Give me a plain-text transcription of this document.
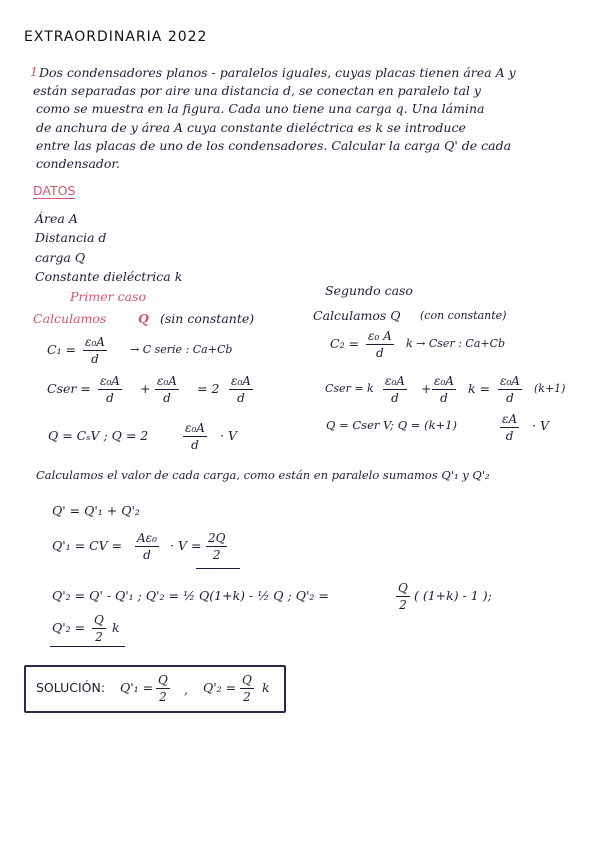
EXTRAORDINARIA 2022
1 Dos condensadores planos - paralelos iguales, cuyas placas tienen área A y
están separadas por aire una distancia d, se conectan en paralelo tal y
como se muestra en la figura. Cada uno tiene una carga q. Una lámina
de anchura de y área A cuya constante dieléctrica es k se introduce
entre las placas de uno de los condensadores. Calcular la carga Q' de cada
condensador.
DATOS
Área A
Distancia d
carga Q
Constante dieléctrica k
Primer caso
Calculamos	Q (sin constante)
$C_1 = \frac{\text{ε₀A}}{d} \to C$ serie : Ca+Cb
Cser = $\frac{\text{ε₀A}}{d} + \frac{\text{ε₀A}}{d} = 2 \frac{\text{ε₀A}}{d}$
Q = CₛV ; Q = 2	$\frac{\text{ε₀A}}{d} \cdot V$
Segundo caso
Calculamos Q (con constante)
$C_2 = \frac{\text{ε₀ A}}{d}$ k → Cser : Ca+Cb
Cser = k $\frac{\text{ε₀A}}{d} + \frac{\text{ε₀A}}{d}$ $k = \frac{\text{ε₀A}}{d} (k+1)$
Q = Cser V; Q = (k+1)	$\frac{\varepsilon A}{d} \cdot V$
Calculamos el valor de cada carga, como están en paralelo sumamos Q'₁ y Q'₂
Q' = Q'₁ + Q'₂
Q'₁ = CV = $\frac{\text{Aε₀}}{d} \cdot V = \frac{2Q}{2}$
Q'₂ = Q' - Q'₁ ; Q'₂ = ½ Q(1+k) - ½ Q ; Q'₂ =	$\frac{Q}{2}$ ( (1+k) - 1 );
$Q'_2 = \frac{Q}{2}$ k
SOLUCIÓN: $Q'_1 = \frac{Q}{2}$ , $Q'_2 = \frac{Q}{2}$ k
